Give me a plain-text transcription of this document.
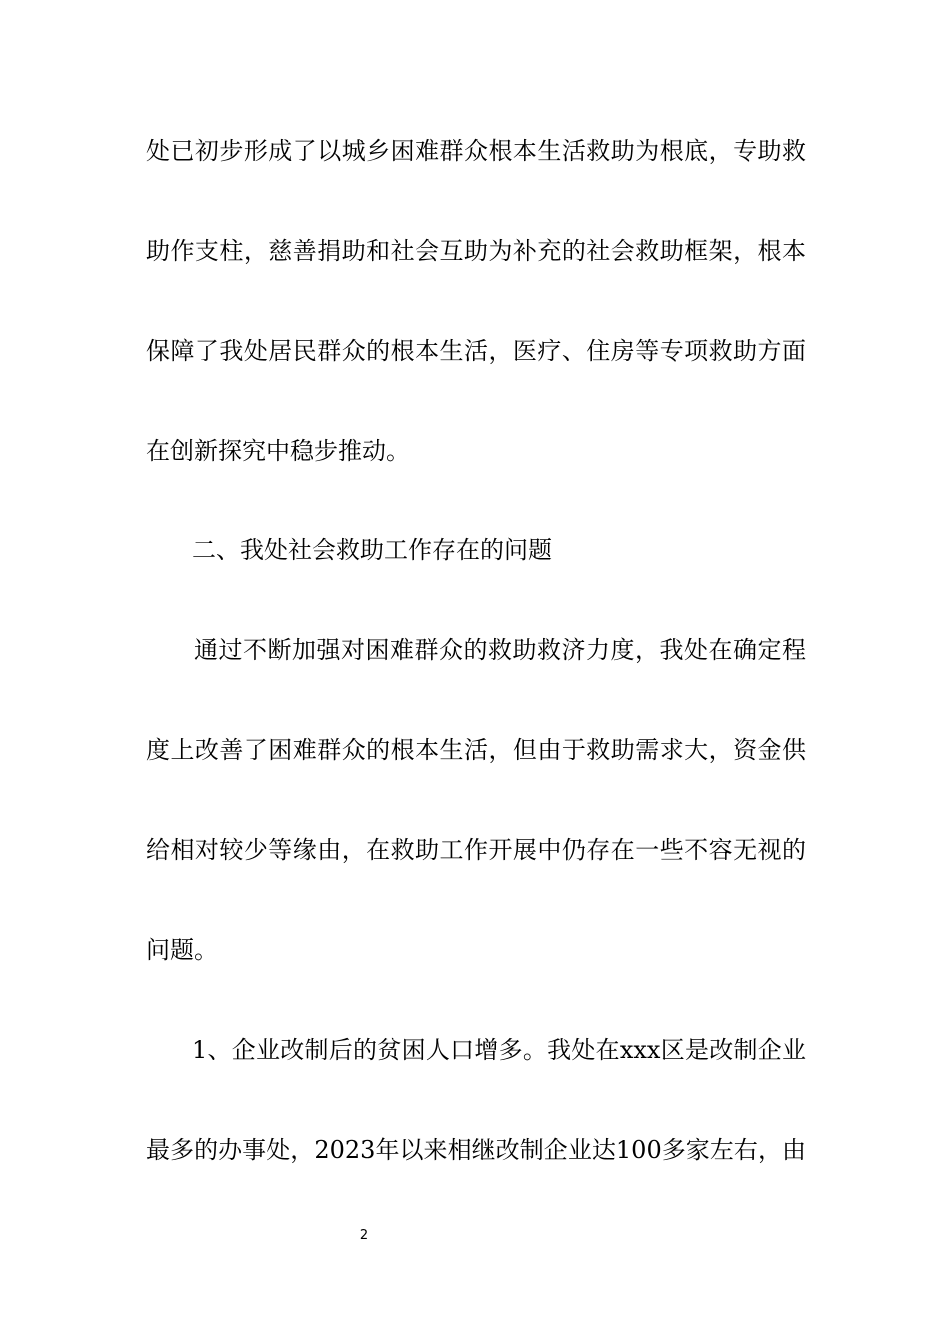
处已初步形成了以城乡困难群众根本生活救助为根底，专助救
助作支柱，慈善捐助和社会互助为补充的社会救助框架，根本
保障了我处居民群众的根本生活，医疗、住房等专项救助方面
在创新探究中稳步推动。
二、我处社会救助工作存在的问题
通过不断加强对困难群众的救助救济力度，我处在确定程
度上改善了困难群众的根本生活，但由于救助需求大，资金供
给相对较少等缘由，在救助工作开展中仍存在一些不容无视的
问题。
1、企业改制后的贫困人口增多。我处在xxx区是改制企业
最多的办事处，2023年以来相继改制企业达100多家左右，由
2
